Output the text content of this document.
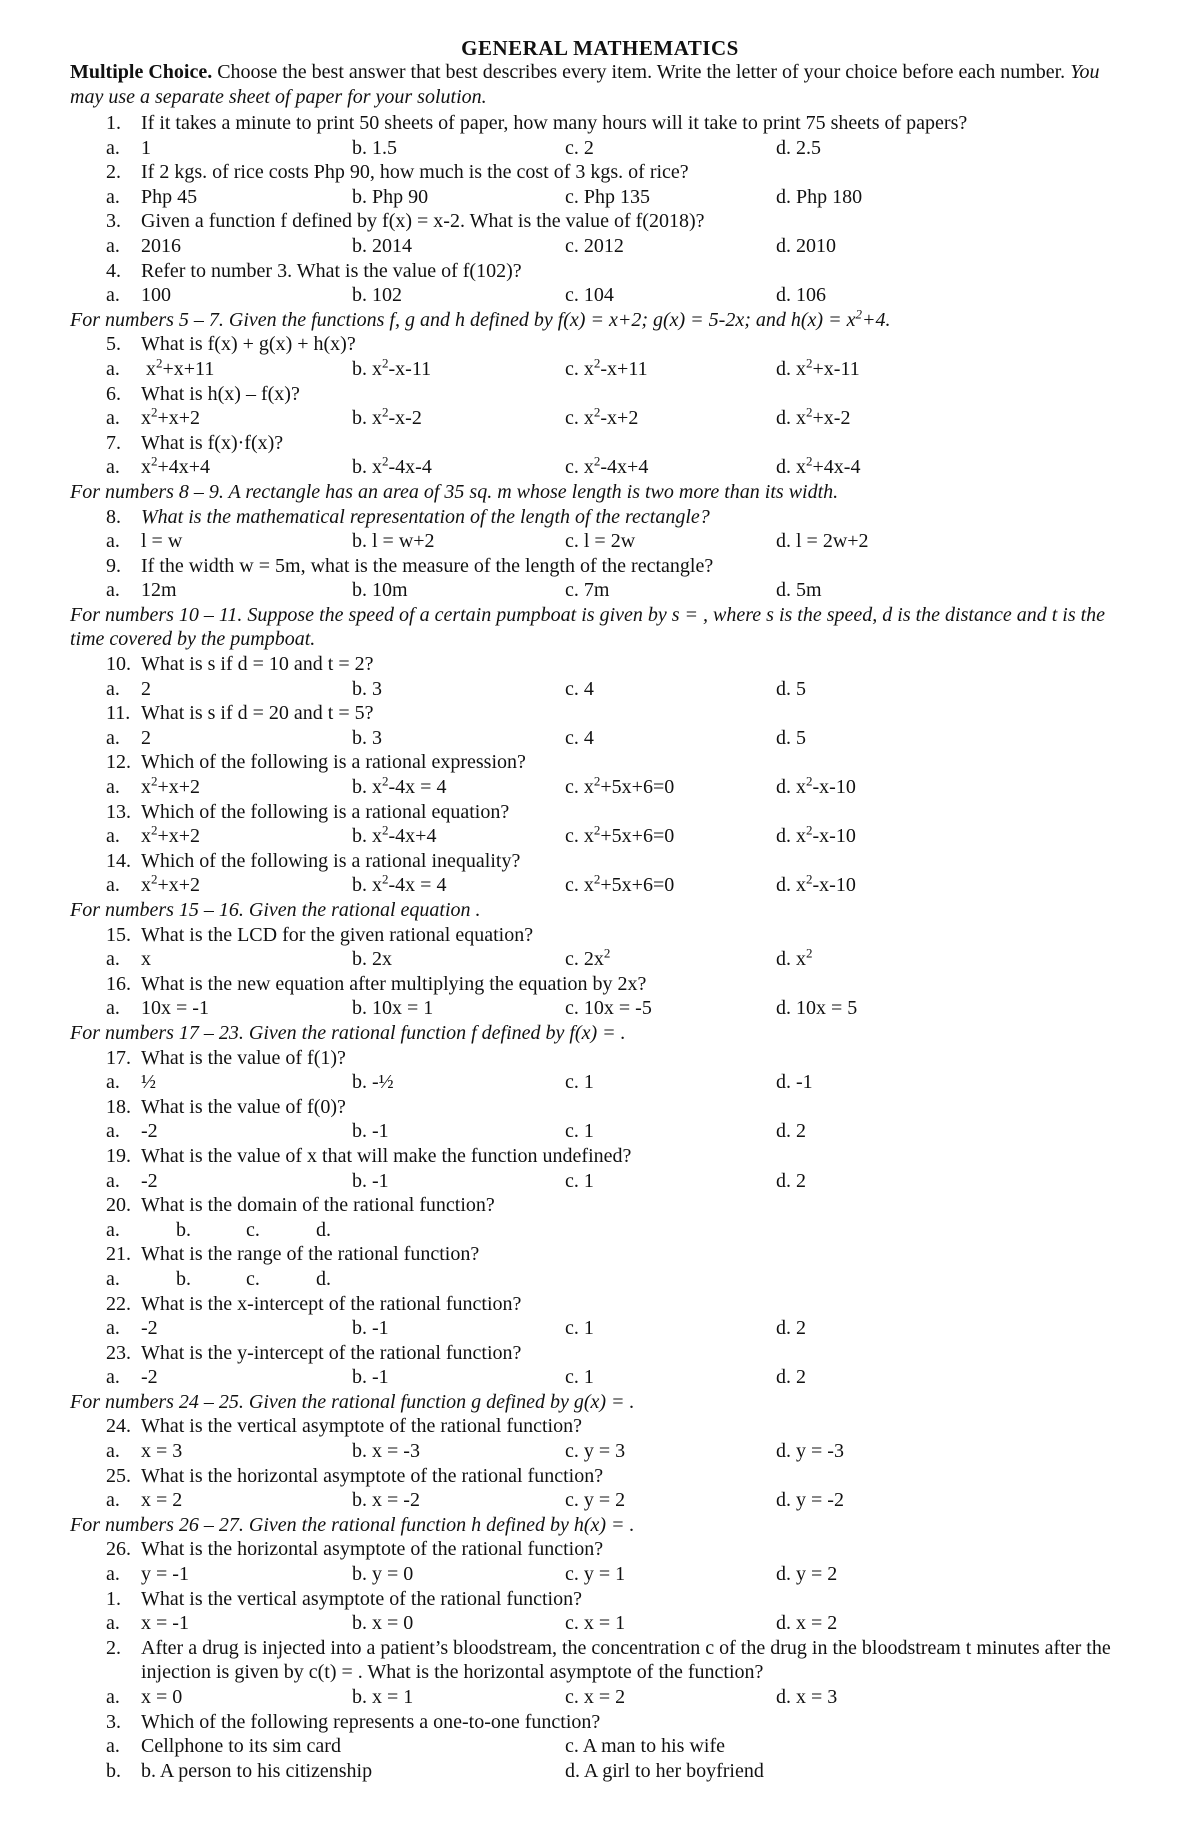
GENERAL MATHEMATICS
Multiple Choice. Choose the best answer that best describes every item. Write the letter of your choice before each number. You may use a separate sheet of paper for your solution.
1. If it takes a minute to print 50 sheets of paper, how many hours will it take to print 75 sheets of papers?
a. 1	b. 1.5	c. 2	d. 2.5
2. If 2 kgs. of rice costs Php 90, how much is the cost of 3 kgs. of rice?
a. Php 45	b. Php 90	c. Php 135	d. Php 180
3. Given a function f defined by f(x) = x-2. What is the value of f(2018)?
a. 2016	b. 2014	c. 2012	d. 2010
4. Refer to number 3. What is the value of f(102)?
a. 100	b. 102	c. 104	d. 106
For numbers 5 – 7. Given the functions f, g and h defined by f(x) = x+2; g(x) = 5-2x; and $h(x) = x^2+4$.
5. What is f(x) + g(x) + h(x)?
a. $x^2+x+11$	b. $x^2-x-11$	c. $x^2-x+11$	d. $x^2+x-11$
6. What is h(x) – f(x)?
a. $x^2+x+2$	b. $x^2-x-2$	c. $x^2-x+2$	d. $x^2+x-2$
7. What is f(x)·f(x)?
a. $x^2+4x+4$	b. $x^2-4x-4$	c. $x^2-4x+4$	d. $x^2+4x-4$
For numbers 8 – 9. A rectangle has an area of 35 sq. m whose length is two more than its width.
8. What is the mathematical representation of the length of the rectangle?
a. l = w	b. l = w+2	c. l = 2w	d. l = 2w+2
9. If the width w = 5m, what is the measure of the length of the rectangle?
a. 12m	b. 10m	c. 7m	d. 5m
For numbers 10 – 11. Suppose the speed of a certain pumpboat is given by s = , where s is the speed, d is the distance and t is the time covered by the pumpboat.
10. What is s if d = 10 and t = 2?
a. 2	b. 3	c. 4	d. 5
11. What is s if d = 20 and t = 5?
a. 2	b. 3	c. 4	d. 5
12. Which of the following is a rational expression?
a. $x^2+x+2$	b. $x^2-4x = 4$	c. $x^2+5x+6=0$	d. $x^2-x-10$
13. Which of the following is a rational equation?
a. $x^2+x+2$	b. $x^2-4x+4$	c. $x^2+5x+6=0$	d. $x^2-x-10$
14. Which of the following is a rational inequality?
a. $x^2+x+2$	b. $x^2-4x = 4$	c. $x^2+5x+6=0$	d. $x^2-x-10$
For numbers 15 – 16. Given the rational equation .
15. What is the LCD for the given rational equation?
a. x	b. 2x	c. $2x^2$	d. $x^2$
16. What is the new equation after multiplying the equation by 2x?
a. 10x = -1	b. 10x = 1	c. 10x = -5	d. 10x = 5
For numbers 17 – 23. Given the rational function f defined by f(x) = .
17. What is the value of f(1)?
a. ½	b. -½	c. 1	d. -1
18. What is the value of f(0)?
a. -2	b. -1	c. 1	d. 2
19. What is the value of x that will make the function undefined?
a. -2	b. -1	c. 1	d. 2
20. What is the domain of the rational function?
a.	b.	c.	d.
21. What is the range of the rational function?
a.	b.	c.	d.
22. What is the x-intercept of the rational function?
a. -2	b. -1	c. 1	d. 2
23. What is the y-intercept of the rational function?
a. -2	b. -1	c. 1	d. 2
For numbers 24 – 25. Given the rational function g defined by g(x) = .
24. What is the vertical asymptote of the rational function?
a. x = 3	b. x = -3	c. y = 3	d. y = -3
25. What is the horizontal asymptote of the rational function?
a. x = 2	b. x = -2	c. y = 2	d. y = -2
For numbers 26 – 27. Given the rational function h defined by h(x) = .
26. What is the horizontal asymptote of the rational function?
a. y = -1	b. y = 0	c. y = 1	d. y = 2
1. What is the vertical asymptote of the rational function?
a. x = -1	b. x = 0	c. x = 1	d. x = 2
2.	After a drug is injected into a patient’s bloodstream, the concentration c of the drug in the bloodstream t minutes after the injection is given by c(t) = . What is the horizontal asymptote of the function?
a. x = 0	b. x = 1	c. x = 2	d. x = 3
3. Which of the following represents a one-to-one function?
a. Cellphone to its sim card	c. A man to his wife
b. b. A person to his citizenship	d. A girl to her boyfriend
